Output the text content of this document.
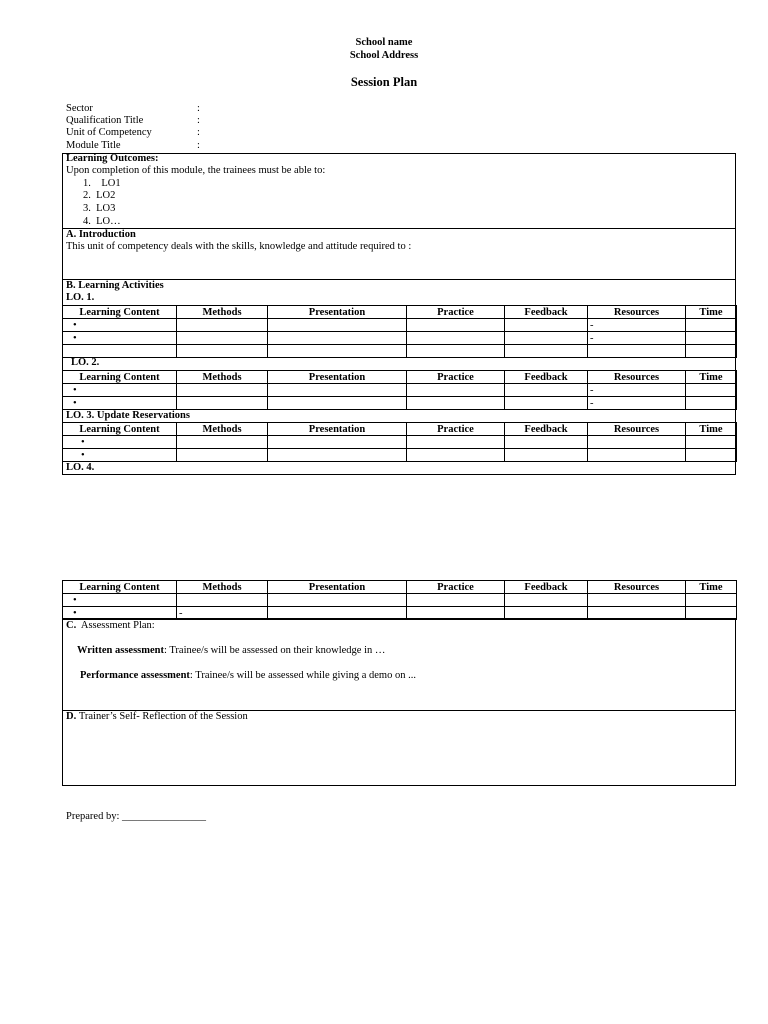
School name
School Address
Session Plan
Sector	:
Qualification Title	:
Unit of Competency	:
Module Title	:
Learning Outcomes:
Upon completion of this module, the trainees must be able to:
1. LO1
2. LO2
3. LO3
4. LO…
A. Introduction
This unit of competency deals with the skills, knowledge and attitude required to :
B. Learning Activities
LO. 1.
Learning Content	Methods	Presentation	Practice	Feedback	Resources	Time
•					-	
•					-	

LO. 2.
Learning Content	Methods	Presentation	Practice	Feedback	Resources	Time
•					-	
•					-	
LO. 3. Update Reservations
Learning Content	Methods	Presentation	Practice	Feedback	Resources	Time
•						
•						
LO. 4.
Learning Content	Methods	Presentation	Practice	Feedback	Resources	Time
•						
•	-					
C. Assessment Plan:
Written assessment: Trainee/s will be assessed on their knowledge in …
Performance assessment: Trainee/s will be assessed while giving a demo on ...
D. Trainer’s Self- Reflection of the Session
Prepared by: ________________
